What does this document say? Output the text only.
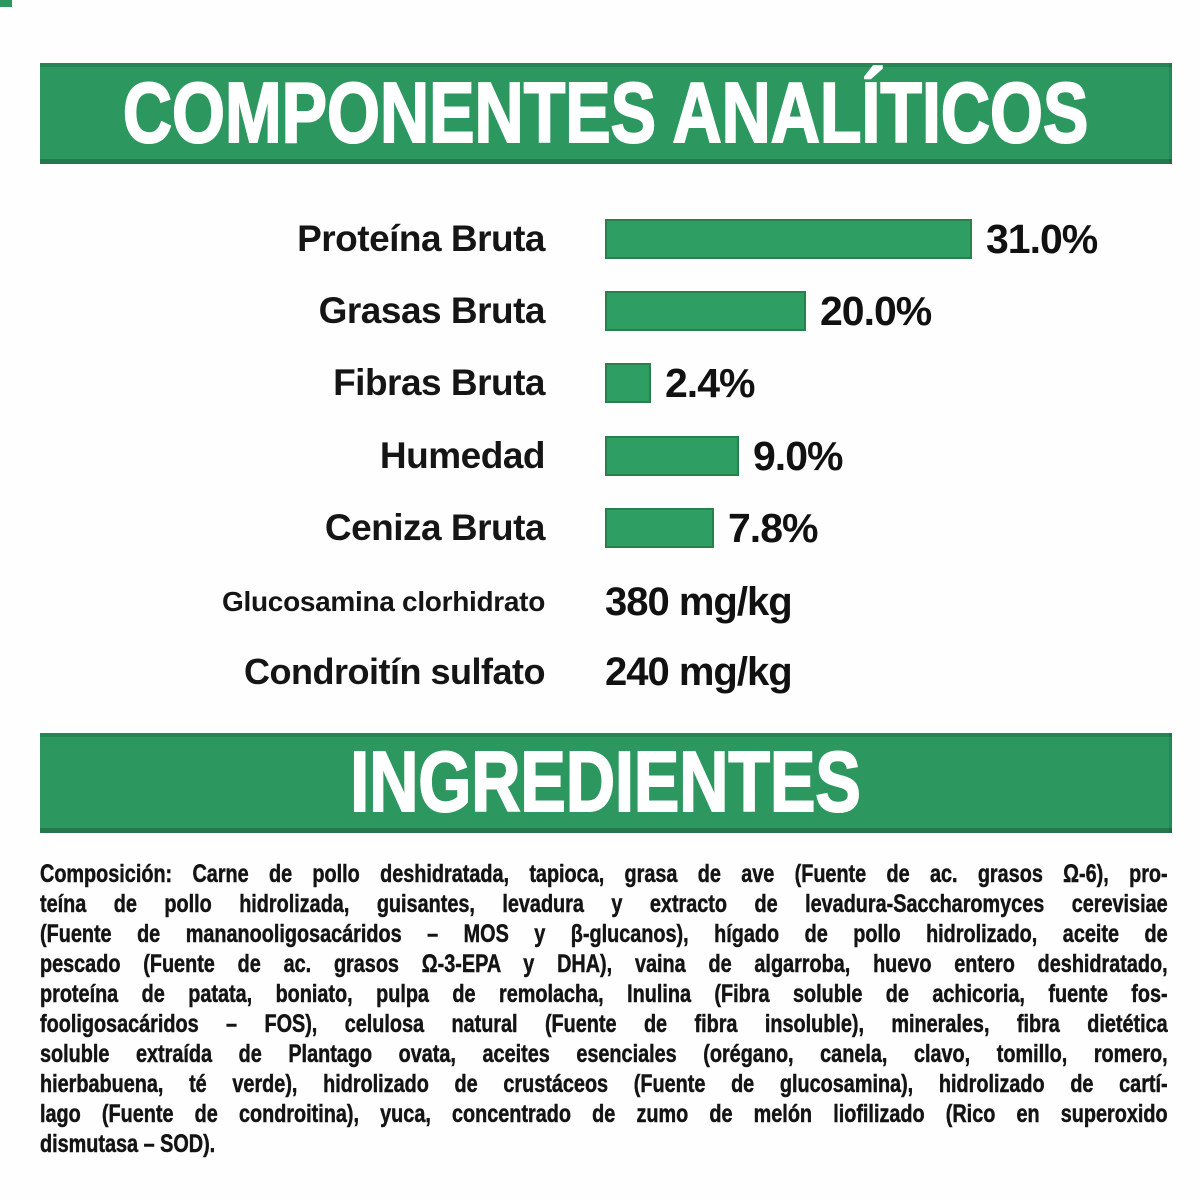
COMPONENTES ANALÍTICOS
Proteína Bruta	31.0%
Grasas Bruta	20.0%
Fibras Bruta	2.4%
Humedad	9.0%
Ceniza Bruta	7.8%
Glucosamina clorhidrato 380 mg/kg
Condroitín sulfato 240 mg/kg
INGREDIENTES
Composición: Carne de pollo deshidratada, tapioca, grasa de ave (Fuente de ac. grasos Ω-6), pro-
teína de pollo hidrolizada, guisantes, levadura y extracto de levadura-Saccharomyces cerevisiae
(Fuente de mananooligosacáridos – MOS y β-glucanos), hígado de pollo hidrolizado, aceite de
pescado (Fuente de ac. grasos Ω-3-EPA y DHA), vaina de algarroba, huevo entero deshidratado,
proteína de patata, boniato, pulpa de remolacha, Inulina (Fibra soluble de achicoria, fuente fos-
fooligosacáridos – FOS), celulosa natural (Fuente de fibra insoluble), minerales, fibra dietética
soluble extraída de Plantago ovata, aceites esenciales (orégano, canela, clavo, tomillo, romero,
hierbabuena, té verde), hidrolizado de crustáceos (Fuente de glucosamina), hidrolizado de cartí-
lago (Fuente de condroitina), yuca, concentrado de zumo de melón liofilizado (Rico en superoxido
dismutasa – SOD).
